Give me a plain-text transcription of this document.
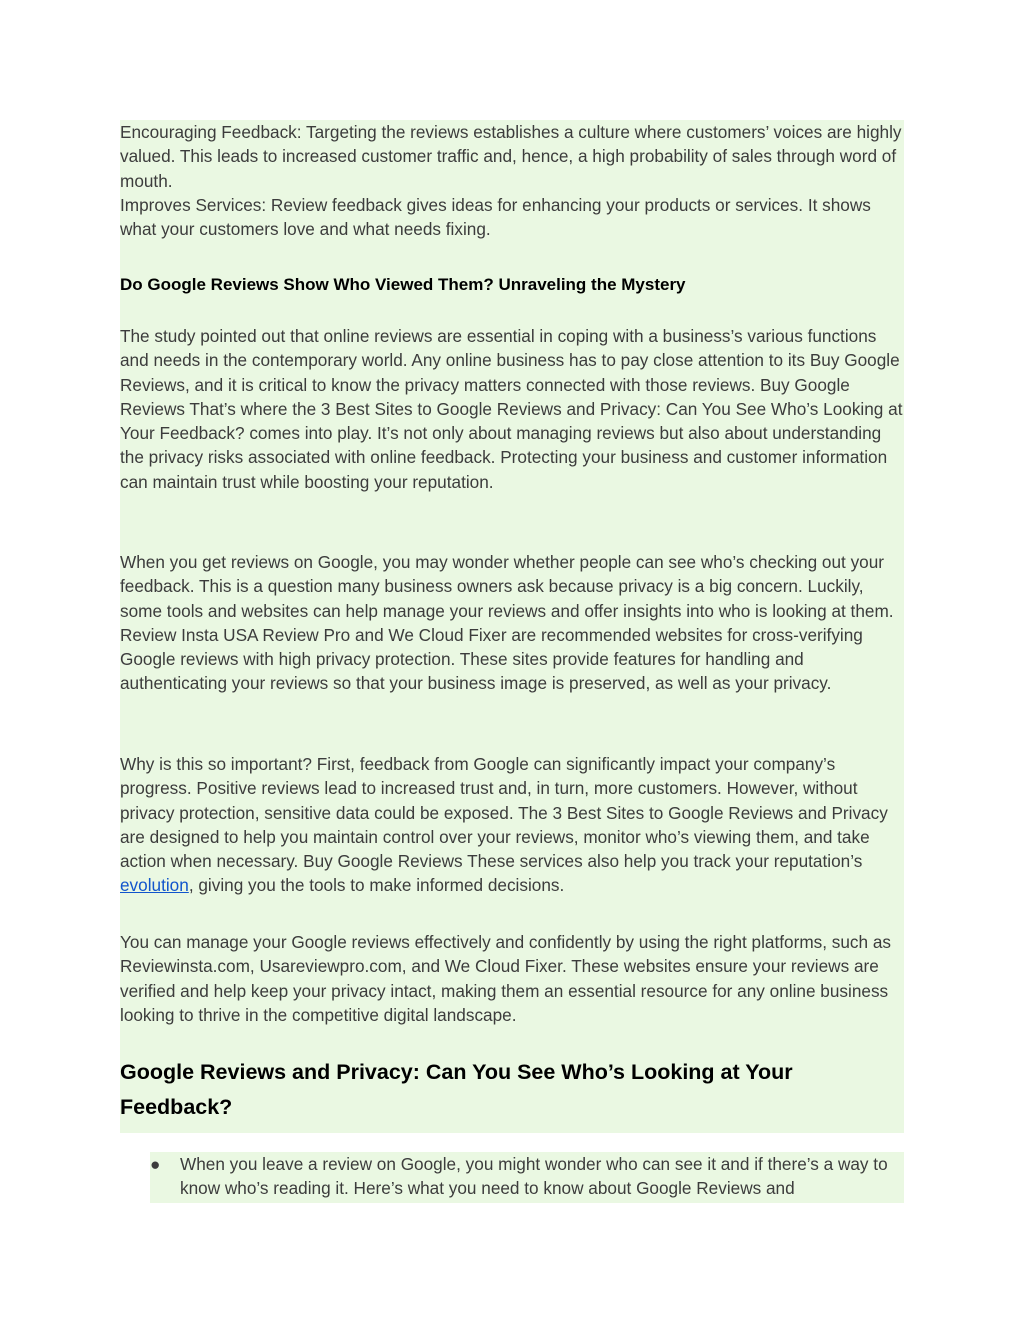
Encouraging Feedback: Targeting the reviews establishes a culture where customers’ voices are highly valued. This leads to increased customer traffic and, hence, a high probability of sales through word of mouth.

Improves Services: Review feedback gives ideas for enhancing your products or services. It shows what your customers love and what needs fixing.

Do Google Reviews Show Who Viewed Them? Unraveling the Mystery

The study pointed out that online reviews are essential in coping with a business’s various functions and needs in the contemporary world. Any online business has to pay close attention to its Buy Google Reviews, and it is critical to know the privacy matters connected with those reviews. Buy Google Reviews That’s where the 3 Best Sites to Google Reviews and Privacy: Can You See Who’s Looking at Your Feedback? comes into play. It’s not only about managing reviews but also about understanding the privacy risks associated with online feedback. Protecting your business and customer information can maintain trust while boosting your reputation.

When you get reviews on Google, you may wonder whether people can see who’s checking out your feedback. This is a question many business owners ask because privacy is a big concern. Luckily, some tools and websites can help manage your reviews and offer insights into who is looking at them. Review Insta USA Review Pro and We Cloud Fixer are recommended websites for cross-verifying Google reviews with high privacy protection. These sites provide features for handling and authenticating your reviews so that your business image is preserved, as well as your privacy.

Why is this so important? First, feedback from Google can significantly impact your company’s progress. Positive reviews lead to increased trust and, in turn, more customers. However, without privacy protection, sensitive data could be exposed. The 3 Best Sites to Google Reviews and Privacy are designed to help you maintain control over your reviews, monitor who’s viewing them, and take action when necessary. Buy Google Reviews These services also help you track your reputation’s evolution, giving you the tools to make informed decisions.

You can manage your Google reviews effectively and confidently by using the right platforms, such as Reviewinsta.com, Usareviewpro.com, and We Cloud Fixer. These websites ensure your reviews are verified and help keep your privacy intact, making them an essential resource for any online business looking to thrive in the competitive digital landscape.

Google Reviews and Privacy: Can You See Who’s Looking at Your Feedback?
●	When you leave a review on Google, you might wonder who can see it and if there’s a way to know who’s reading it. Here’s what you need to know about Google Reviews and
